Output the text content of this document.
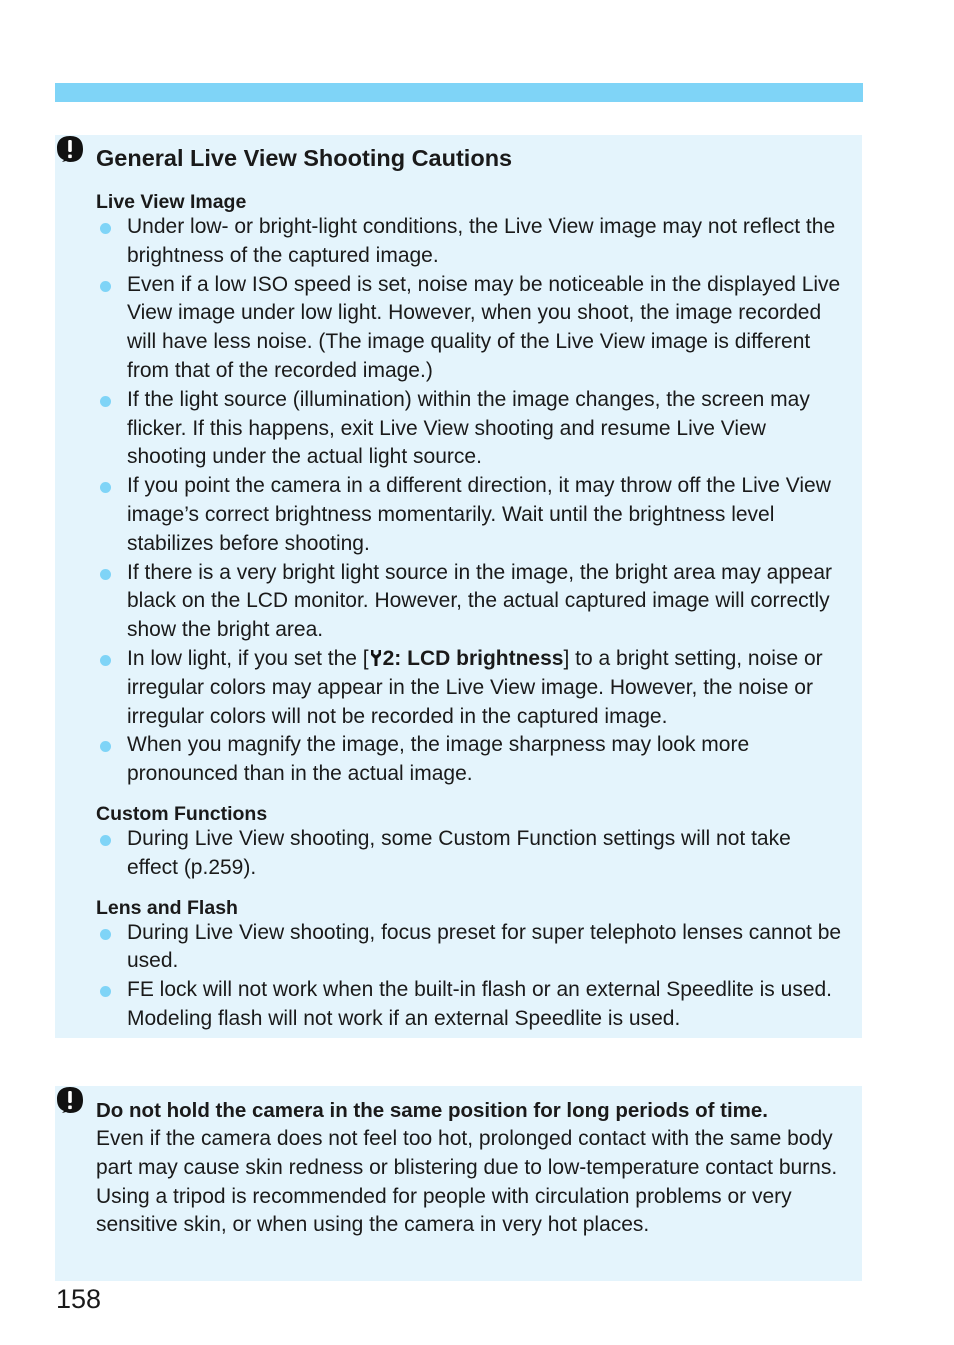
General Live View Shooting Cautions
Live View Image
Under low- or bright-light conditions, the Live View image may not reflect the brightness of the captured image.
Even if a low ISO speed is set, noise may be noticeable in the displayed Live View image under low light. However, when you shoot, the image recorded will have less noise. (The image quality of the Live View image is different from that of the recorded image.)
If the light source (illumination) within the image changes, the screen may flicker. If this happens, exit Live View shooting and resume Live View shooting under the actual light source.
If you point the camera in a different direction, it may throw off the Live View image’s correct brightness momentarily. Wait until the brightness level stabilizes before shooting.
If there is a very bright light source in the image, the bright area may appear black on the LCD monitor. However, the actual captured image will correctly show the bright area.
In low light, if you set the [ 2: LCD brightness] to a bright setting, noise or irregular colors may appear in the Live View image. However, the noise or irregular colors will not be recorded in the captured image.
When you magnify the image, the image sharpness may look more pronounced than in the actual image.
Custom Functions
During Live View shooting, some Custom Function settings will not take effect (p.259).
Lens and Flash
During Live View shooting, focus preset for super telephoto lenses cannot be used.
FE lock will not work when the built-in flash or an external Speedlite is used. Modeling flash will not work if an external Speedlite is used.

Do not hold the camera in the same position for long periods of time.

Even if the camera does not feel too hot, prolonged contact with the same body part may cause skin redness or blistering due to low-temperature contact burns. Using a tripod is recommended for people with circulation problems or very sensitive skin, or when using the camera in very hot places.

158
